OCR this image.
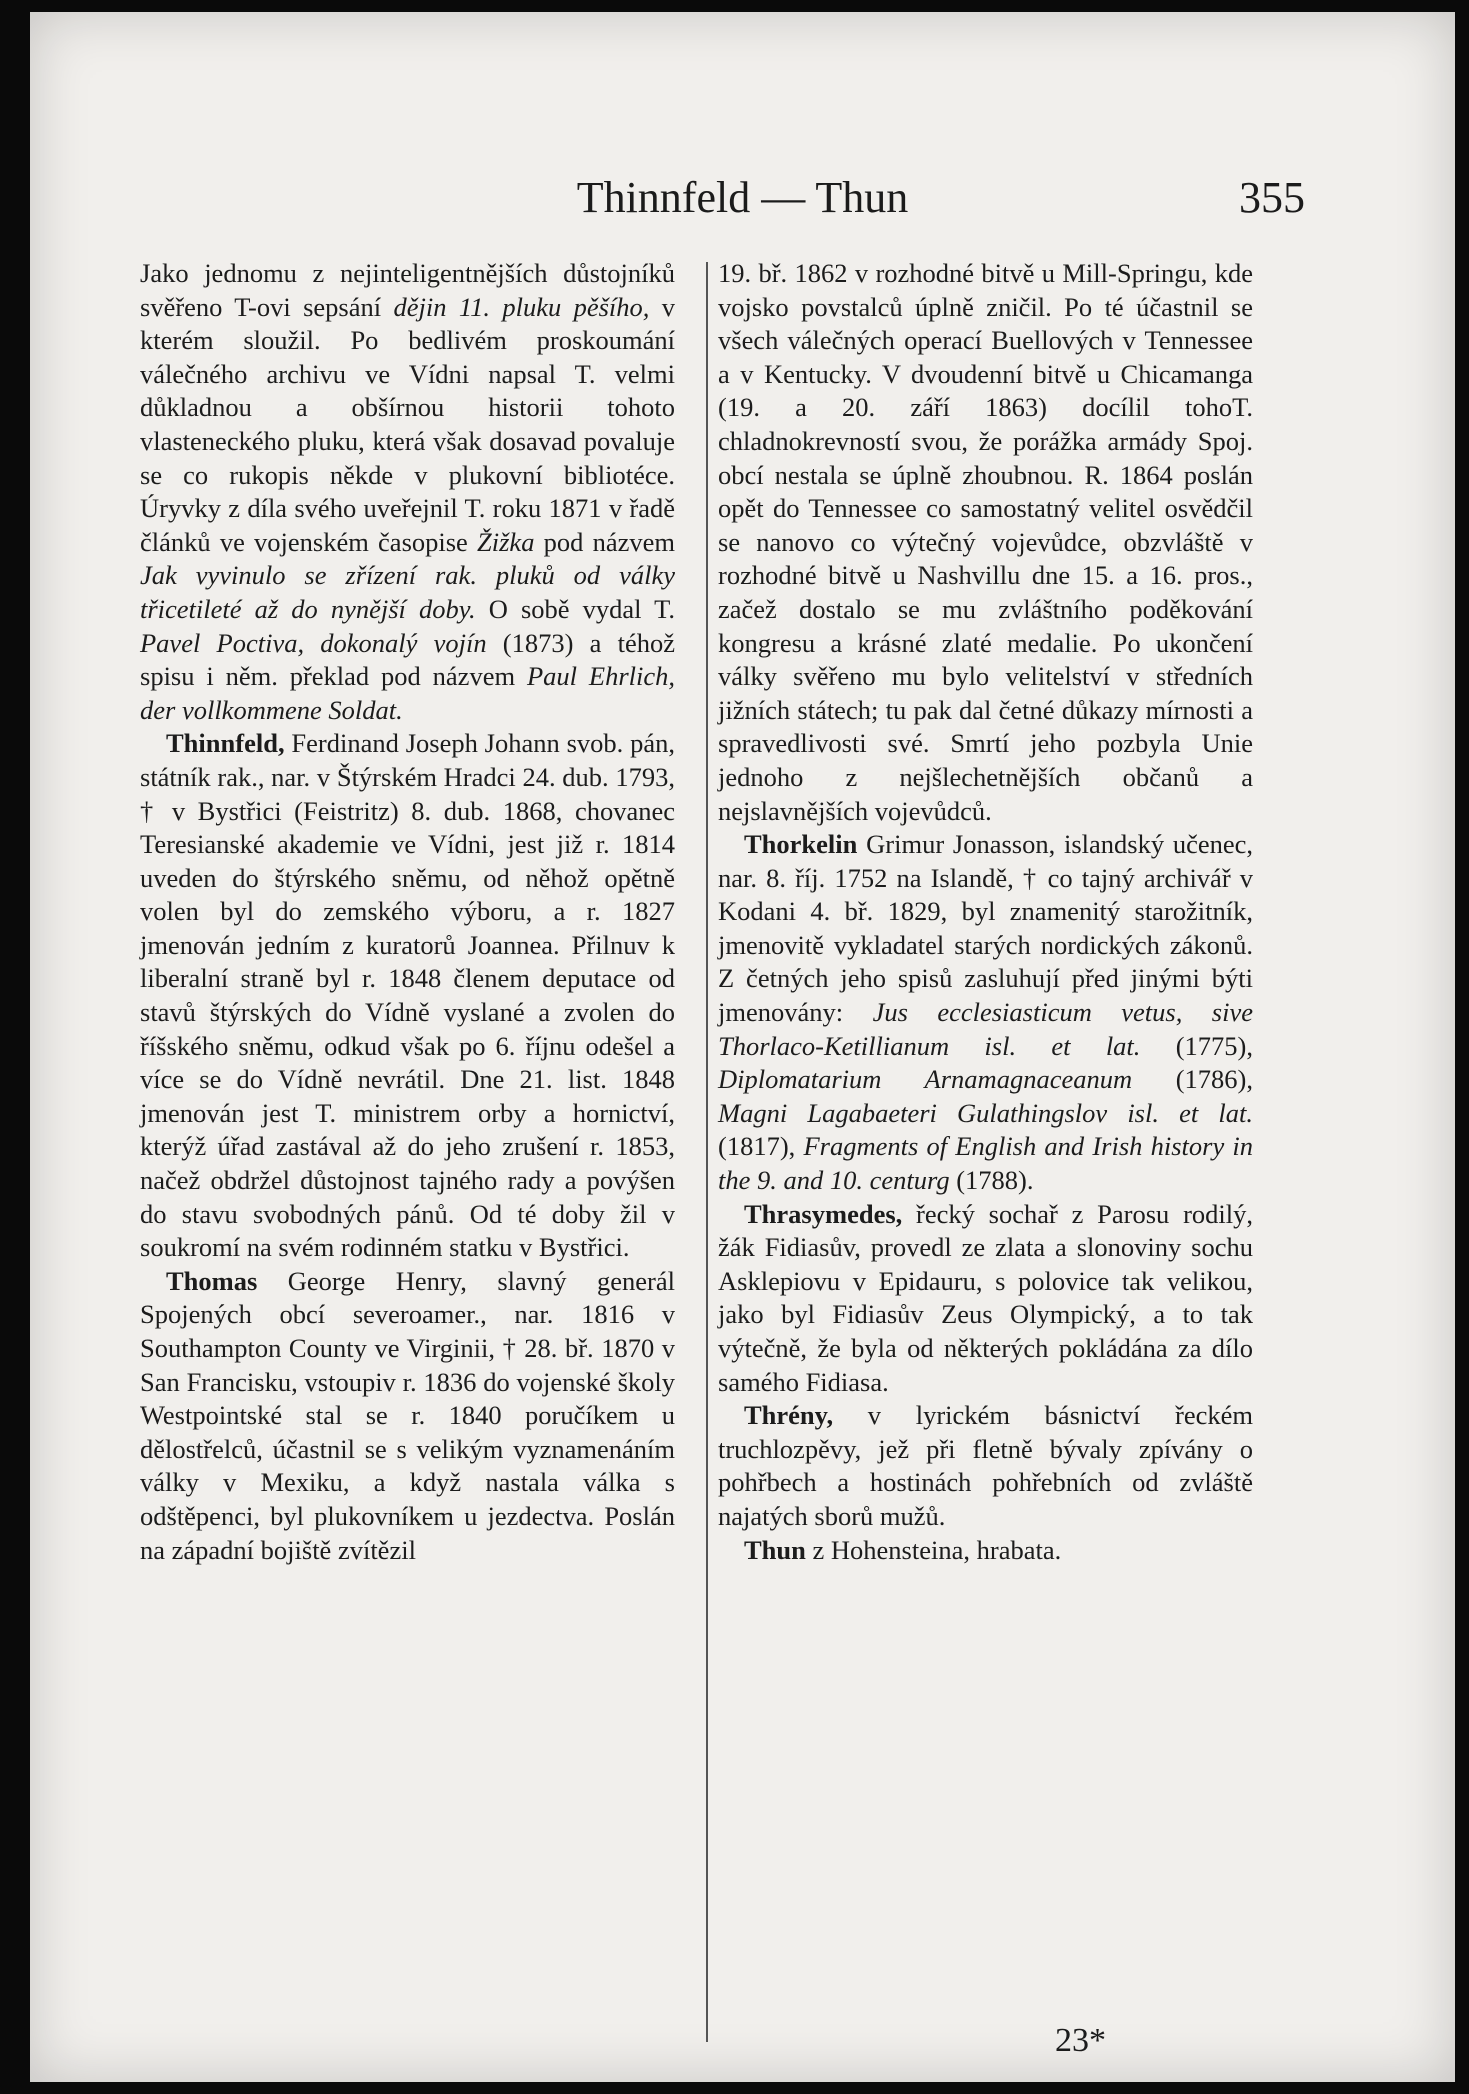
Thinnfeld — Thun	355

Jako jednomu z nejinteligentnějších důstojníků svěřeno T-ovi sepsání dějin 11. pluku pěšího, v kterém sloužil. Po bedlivém proskoumání válečného archivu ve Vídni napsal T. velmi důkladnou a obšírnou historii tohoto vlasteneckého pluku, která však dosavad povaluje se co rukopis někde v plukovní bibliotéce. Úryvky z díla svého uveřejnil T. roku 1871 v řadě článků ve vojenském časopise Žižka pod názvem Jak vyvinulo se zřízení rak. pluků od války třicetileté až do nynější doby. O sobě vydal T. Pavel Poctiva, dokonalý vojín (1873) a téhož spisu i něm. překlad pod názvem Paul Ehrlich, der vollkommene Soldat.

Thinnfeld, Ferdinand Joseph Johann svob. pán, státník rak., nar. v Štýrském Hradci 24. dub. 1793, † v Bystřici (Feistritz) 8. dub. 1868, chovanec Teresianské akademie ve Vídni, jest již r. 1814 uveden do štýrského sněmu, od něhož opětně volen byl do zemského výboru, a r. 1827 jmenován jedním z kuratorů Joannea. Přilnuv k liberalní straně byl r. 1848 členem deputace od stavů štýrských do Vídně vyslané a zvolen do říšského sněmu, odkud však po 6. říjnu odešel a více se do Vídně nevrátil. Dne 21. list. 1848 jmenován jest T. ministrem orby a hornictví, kterýž úřad zastával až do jeho zrušení r. 1853, načež obdržel důstojnost tajného rady a povýšen do stavu svobodných pánů. Od té doby žil v soukromí na svém rodinném statku v Bystřici.

Thomas George Henry, slavný generál Spojených obcí severoamer., nar. 1816 v Southampton County ve Virginii, † 28. bř. 1870 v San Francisku, vstoupiv r. 1836 do vojenské školy Westpointské stal se r. 1840 poručíkem u dělostřelců, účastnil se s velikým vyznamenáním války v Mexiku, a když nastala válka s odštěpenci, byl plukovníkem u jezdectva. Poslán na západní bojiště zvítězil

19. bř. 1862 v rozhodné bitvě u Mill-Springu, kde vojsko povstalců úplně zničil. Po té účastnil se všech válečných operací Buellových v Tennessee a v Kentucky. V dvoudenní bitvě u Chicamanga (19. a 20. září 1863) docílil tohoT. chladnokrevností svou, že porážka armády Spoj. obcí nestala se úplně zhoubnou. R. 1864 poslán opět do Tennessee co samostatný velitel osvědčil se nanovo co výtečný vojevůdce, obzvláště v rozhodné bitvě u Nashvillu dne 15. a 16. pros., začež dostalo se mu zvláštního poděkování kongresu a krásné zlaté medalie. Po ukončení války svěřeno mu bylo velitelství v středních jižních státech; tu pak dal četné důkazy mírnosti a spravedlivosti své. Smrtí jeho pozbyla Unie jednoho z nejšlechetnějších občanů a nejslavnějších vojevůdců.

Thorkelin Grimur Jonasson, islandský učenec, nar. 8. říj. 1752 na Islandě, † co tajný archivář v Kodani 4. bř. 1829, byl znamenitý starožitník, jmenovitě vykladatel starých nordických zákonů. Z četných jeho spisů zasluhují před jinými býti jmenovány: Jus ecclesiasticum vetus, sive Thorlaco-Ketillianum isl. et lat. (1775), Diplomatarium Arnamagnaceanum (1786), Magni Lagabaeteri Gulathingslov isl. et lat. (1817), Fragments of English and Irish history in the 9. and 10. centurg (1788).

Thrasymedes, řecký sochař z Parosu rodilý, žák Fidiasův, provedl ze zlata a slonoviny sochu Asklepiovu v Epidauru, s polovice tak velikou, jako byl Fidiasův Zeus Olympický, a to tak výtečně, že byla od některých pokládána za dílo samého Fidiasa.

Thrény, v lyrickém básnictví řeckém truchlozpěvy, jež při fletně bývaly zpívány o pohřbech a hostinách pohřebních od zvláště najatých sborů mužů.

Thun z Hohensteina, hrabata.

23*
